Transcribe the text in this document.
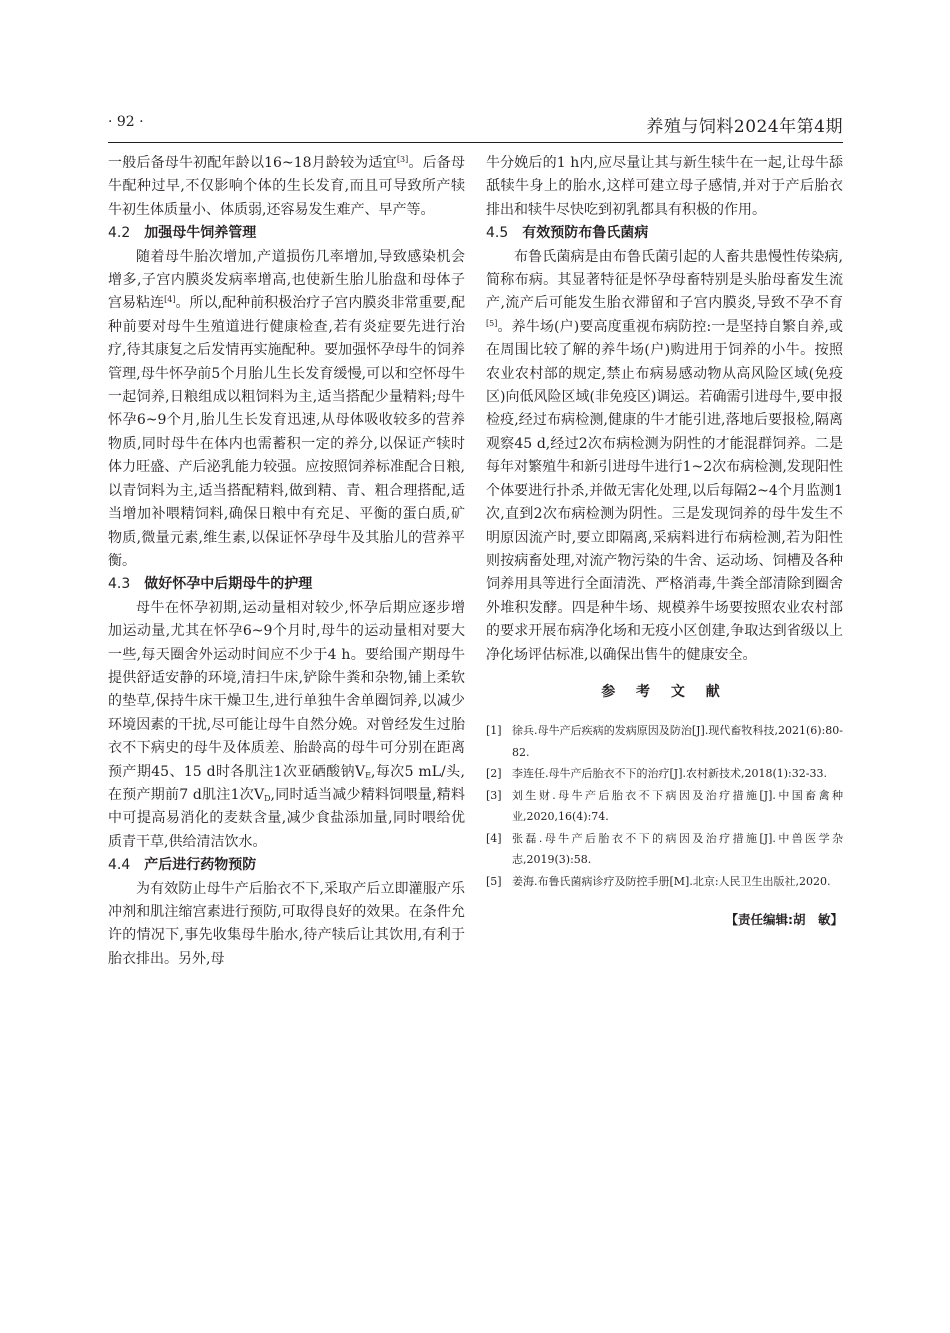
· 92 ·	养殖与饲料2024年第4期

一般后备母牛初配年龄以16~18月龄较为适宜[3]。后备母牛配种过早,不仅影响个体的生长发育,而且可导致所产犊牛初生体质量小、体质弱,还容易发生难产、早产等。

4.2 加强母牛饲养管理

随着母牛胎次增加,产道损伤几率增加,导致感染机会增多,子宫内膜炎发病率增高,也使新生胎儿胎盘和母体子宫易粘连[4]。所以,配种前积极治疗子宫内膜炎非常重要,配种前要对母牛生殖道进行健康检查,若有炎症要先进行治疗,待其康复之后发情再实施配种。要加强怀孕母牛的饲养管理,母牛怀孕前5个月胎儿生长发育缓慢,可以和空怀母牛一起饲养,日粮组成以粗饲料为主,适当搭配少量精料;母牛怀孕6~9个月,胎儿生长发育迅速,从母体吸收较多的营养物质,同时母牛在体内也需蓄积一定的养分,以保证产犊时体力旺盛、产后泌乳能力较强。应按照饲养标准配合日粮,以青饲料为主,适当搭配精料,做到精、青、粗合理搭配,适当增加补喂精饲料,确保日粮中有充足、平衡的蛋白质,矿物质,微量元素,维生素,以保证怀孕母牛及其胎儿的营养平衡。

4.3 做好怀孕中后期母牛的护理

母牛在怀孕初期,运动量相对较少,怀孕后期应逐步增加运动量,尤其在怀孕6~9个月时,母牛的运动量相对要大一些,每天圈舍外运动时间应不少于4 h。要给围产期母牛提供舒适安静的环境,清扫牛床,铲除牛粪和杂物,铺上柔软的垫草,保持牛床干燥卫生,进行单独牛舍单圈饲养,以减少环境因素的干扰,尽可能让母牛自然分娩。对曾经发生过胎衣不下病史的母牛及体质差、胎龄高的母牛可分别在距离预产期45、15 d时各肌注1次亚硒酸钠$V_E$,每次5 mL/头,在预产期前7 d肌注1次$V_D$,同时适当减少精料饲喂量,精料中可提高易消化的麦麸含量,减少食盐添加量,同时喂给优质青干草,供给清洁饮水。

4.4 产后进行药物预防

为有效防止母牛产后胎衣不下,采取产后立即灌服产乐冲剂和肌注缩宫素进行预防,可取得良好的效果。在条件允许的情况下,事先收集母牛胎水,待产犊后让其饮用,有利于胎衣排出。另外,母

牛分娩后的1 h内,应尽量让其与新生犊牛在一起,让母牛舔舐犊牛身上的胎水,这样可建立母子感情,并对于产后胎衣排出和犊牛尽快吃到初乳都具有积极的作用。

4.5 有效预防布鲁氏菌病

布鲁氏菌病是由布鲁氏菌引起的人畜共患慢性传染病,简称布病。其显著特征是怀孕母畜特别是头胎母畜发生流产,流产后可能发生胎衣滞留和子宫内膜炎,导致不孕不育[5]。养牛场(户)要高度重视布病防控:一是坚持自繁自养,或在周围比较了解的养牛场(户)购进用于饲养的小牛。按照农业农村部的规定,禁止布病易感动物从高风险区域(免疫区)向低风险区域(非免疫区)调运。若确需引进母牛,要申报检疫,经过布病检测,健康的牛才能引进,落地后要报检,隔离观察45 d,经过2次布病检测为阴性的才能混群饲养。二是每年对繁殖牛和新引进母牛进行1~2次布病检测,发现阳性个体要进行扑杀,并做无害化处理,以后每隔2~4个月监测1次,直到2次布病检测为阴性。三是发现饲养的母牛发生不明原因流产时,要立即隔离,采病料进行布病检测,若为阳性则按病畜处理,对流产物污染的牛舍、运动场、饲槽及各种饲养用具等进行全面清洗、严格消毒,牛粪全部清除到圈舍外堆积发酵。四是种牛场、规模养牛场要按照农业农村部的要求开展布病净化场和无疫小区创建,争取达到省级以上净化场评估标准,以确保出售牛的健康安全。

参 考 文 献
[1] 徐兵.母牛产后疾病的发病原因及防治[J].现代畜牧科技,2021(6):80-82.
[2] 李连任.母牛产后胎衣不下的治疗[J].农村新技术,2018(1):32-33.
[3] 刘生财.母牛产后胎衣不下病因及治疗措施[J].中国畜禽种业,2020,16(4):74.
[4] 张磊.母牛产后胎衣不下的病因及治疗措施[J].中兽医学杂志,2019(3):58.
[5] 姜海.布鲁氏菌病诊疗及防控手册[M].北京:人民卫生出版社,2020.
【责任编辑:胡　敏】
